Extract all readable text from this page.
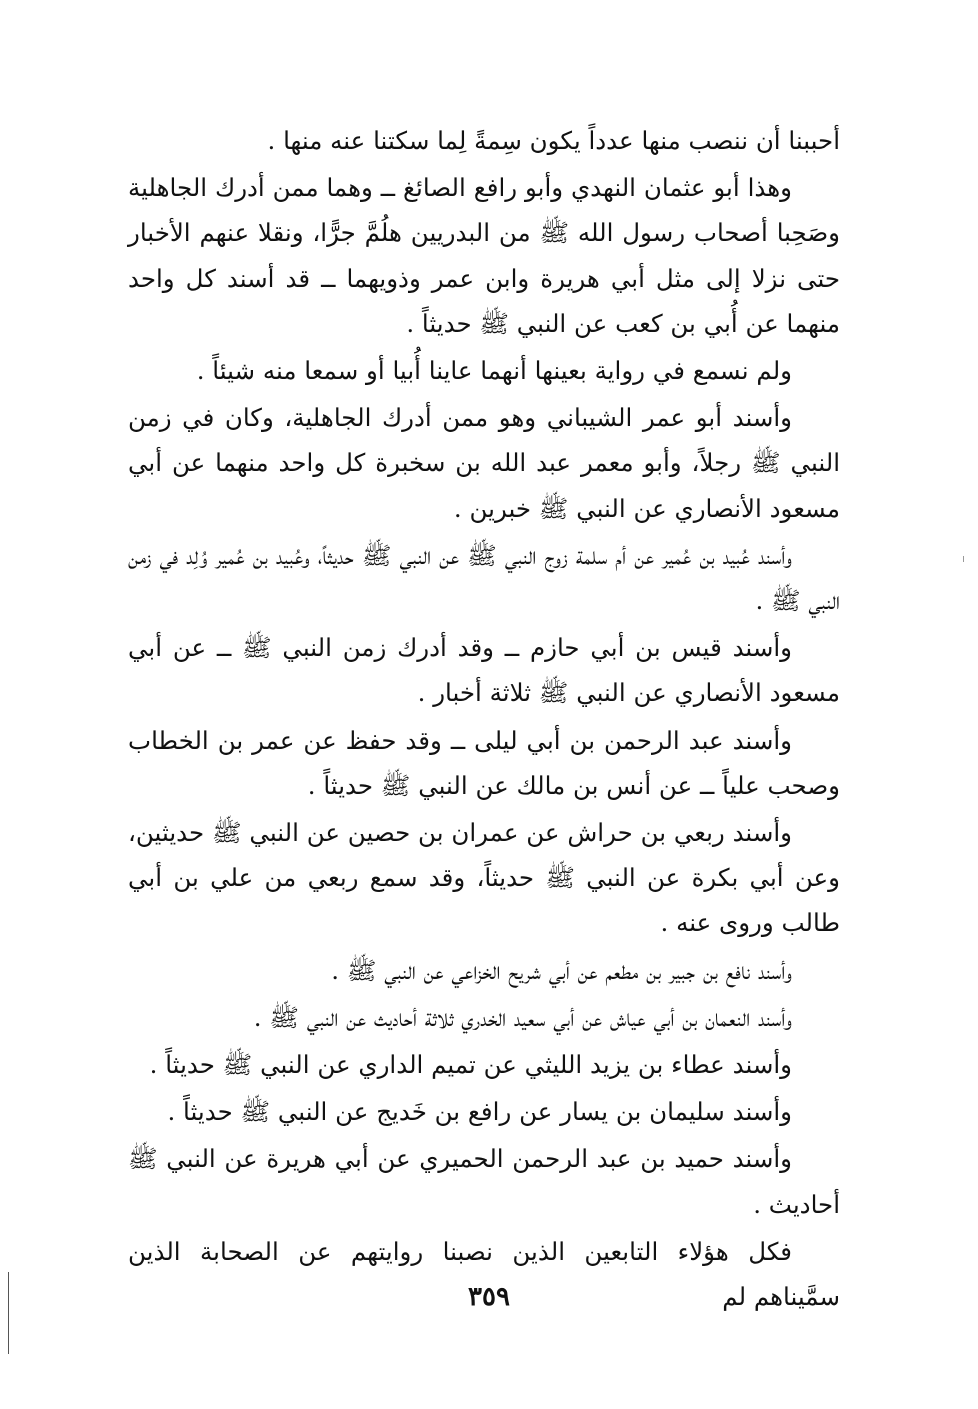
أحببنا أن ننصب منها عدداً يكون سِمةً لِما سكتنا عنه منها .

وهذا أبو عثمان النهدي وأبو رافع الصائغ ــ وهما ممن أدرك الجاهلية وصَحِبا أصحاب رسول الله ﷺ من البدريين هلُمَّ جرًّا، ونقلا عنهم الأخبار حتى نزلا إلى مثل أبي هريرة وابن عمر وذويهما ــ قد أسند كل واحد منهما عن أُبي بن كعب عن النبي ﷺ حديثاً .

ولم نسمع في رواية بعينها أنهما عاينا أُبيا أو سمعا منه شيئاً .

وأسند أبو عمر الشيباني وهو ممن أدرك الجاهلية، وكان في زمن النبي ﷺ رجلاً، وأبو معمر عبد الله بن سخبرة كل واحد منهما عن أبي مسعود الأنصاري عن النبي ﷺ خبرين .

وأسند عُبيد بن عُمير عن أم سلمة زوج النبي ﷺ عن النبي ﷺ حديثاً، وعُبيد بن عُمير وُلِد في زمن النبي ﷺ .

وأسند قيس بن أبي حازم ــ وقد أدرك زمن النبي ﷺ ــ عن أبي مسعود الأنصاري عن النبي ﷺ ثلاثة أخبار .

وأسند عبد الرحمن بن أبي ليلى ــ وقد حفظ عن عمر بن الخطاب وصحب علياً ــ عن أنس بن مالك عن النبي ﷺ حديثاً .

وأسند ربعي بن حراش عن عمران بن حصين عن النبي ﷺ حديثين، وعن أبي بكرة عن النبي ﷺ حديثاً، وقد سمع ربعي من علي بن أبي طالب وروى عنه .

وأسند نافع بن جبير بن مطعم عن أبي شريح الخزاعي عن النبي ﷺ .

وأسند النعمان بن أبي عياش عن أبي سعيد الخدري ثلاثة أحاديث عن النبي ﷺ .

وأسند عطاء بن يزيد الليثي عن تميم الداري عن النبي ﷺ حديثاً .

وأسند سليمان بن يسار عن رافع بن خَديج عن النبي ﷺ حديثاً .

وأسند حميد بن عبد الرحمن الحميري عن أبي هريرة عن النبي ﷺ أحاديث .

فكل هؤلاء التابعين الذين نصبنا روايتهم عن الصحابة الذين سمَّيناهم لم

٣٥٩
